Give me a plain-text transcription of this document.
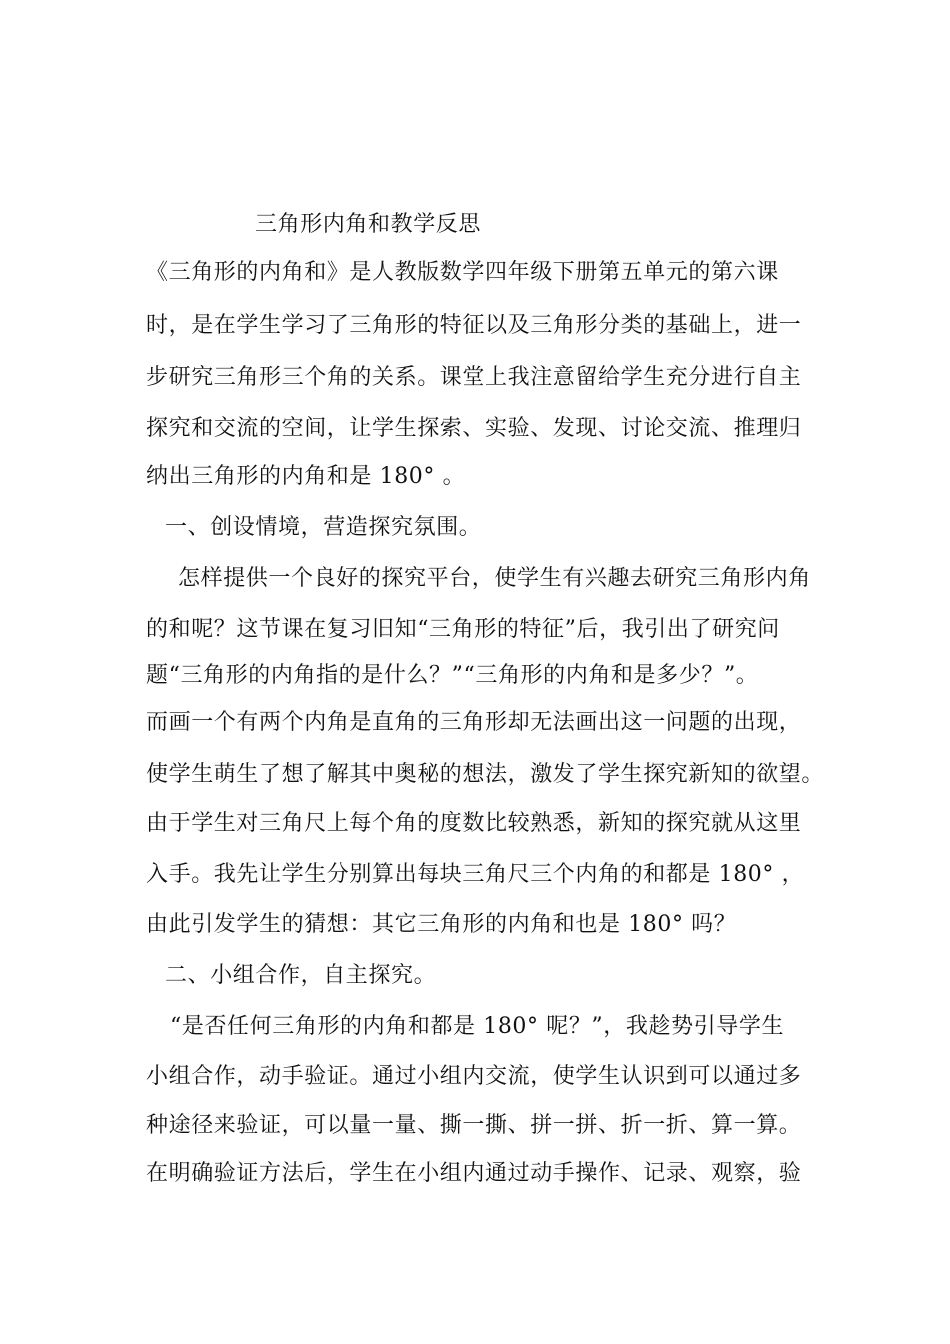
三角形内角和教学反思
《三角形的内角和》是人教版数学四年级下册第五单元的第六课
时，是在学生学习了三角形的特征以及三角形分类的基础上，进一
步研究三角形三个角的关系。课堂上我注意留给学生充分进行自主
探究和交流的空间，让学生探索、实验、发现、讨论交流、推理归
纳出三角形的内角和是 180° 。
一、创设情境，营造探究氛围。
怎样提供一个良好的探究平台，使学生有兴趣去研究三角形内角
的和呢？这节课在复习旧知“三角形的特征”后，我引出了研究问
题“三角形的内角指的是什么？”“三角形的内角和是多少？”。
而画一个有两个内角是直角的三角形却无法画出这一问题的出现，
使学生萌生了想了解其中奥秘的想法，激发了学生探究新知的欲望。
由于学生对三角尺上每个角的度数比较熟悉，新知的探究就从这里
入手。我先让学生分别算出每块三角尺三个内角的和都是 180° ，
由此引发学生的猜想：其它三角形的内角和也是 180° 吗？
二、小组合作，自主探究。
“是否任何三角形的内角和都是 180° 呢？”，我趁势引导学生
小组合作，动手验证。通过小组内交流，使学生认识到可以通过多
种途径来验证，可以量一量、撕一撕、拼一拼、折一折、算一算。
在明确验证方法后，学生在小组内通过动手操作、记录、观察，验
